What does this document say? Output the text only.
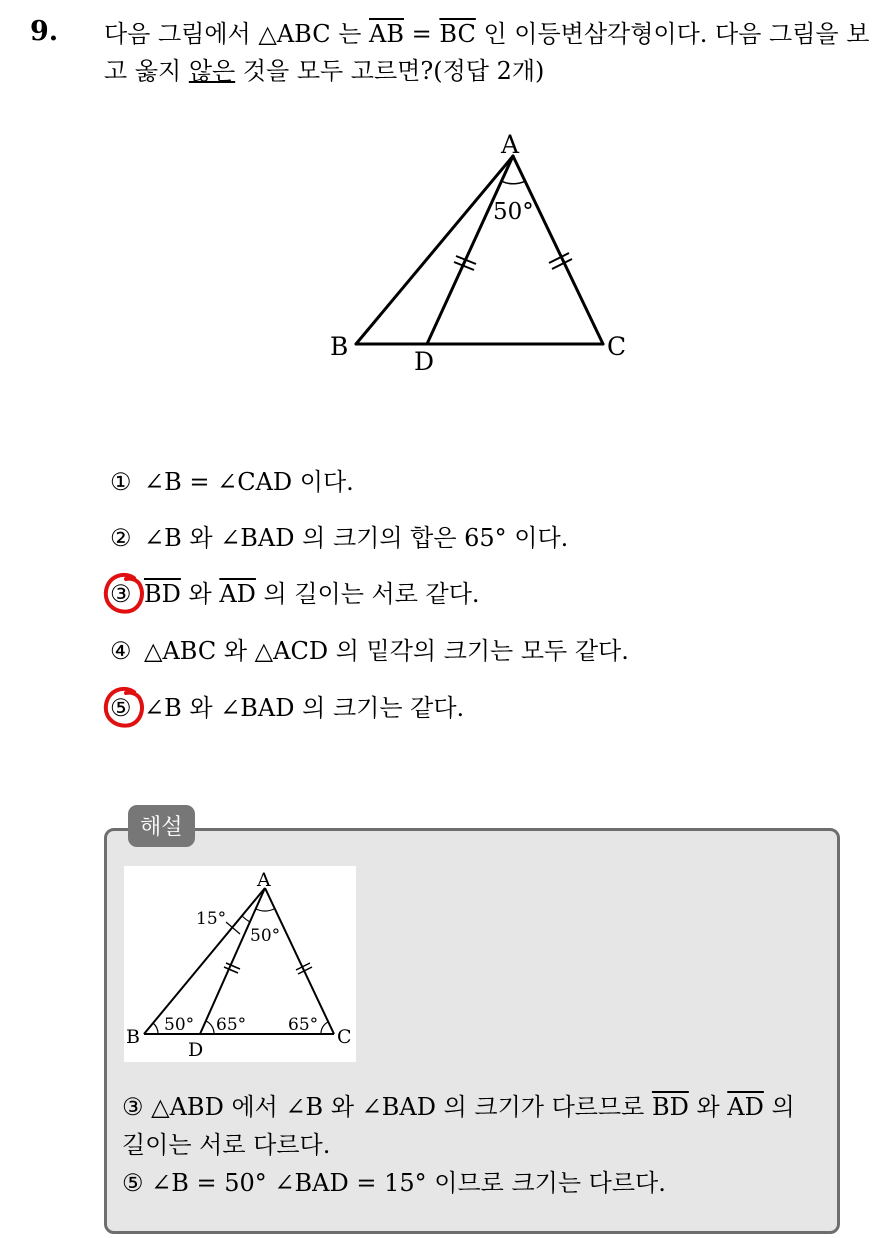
9. 다음 그림에서 △ABC 는 $\overline{AB} = \overline{BC}$ 인 이등변삼각형이다. 다음 그림을 보고 옳지 않은 것을 모두 고르면?(정답 2개)
A
B	C
D
50°
① ∠B = ∠CAD 이다.
② ∠B 와 ∠BAD 의 크기의 합은 65° 이다.
③ $\overline{BD}$ 와 $\overline{AD}$ 의 길이는 서로 같다.
④ △ABC 와 △ACD 의 밑각의 크기는 모두 같다.
⑤ ∠B 와 ∠BAD 의 크기는 같다.
해설
A
B	C
D
15°
50°
50° 65° 65°
③ △ABD 에서 ∠B 와 ∠BAD 의 크기가 다르므로 $\overline{BD}$ 와 $\overline{AD}$ 의
길이는 서로 다르다.
⑤ ∠B = 50° ∠BAD = 15° 이므로 크기는 다르다.
